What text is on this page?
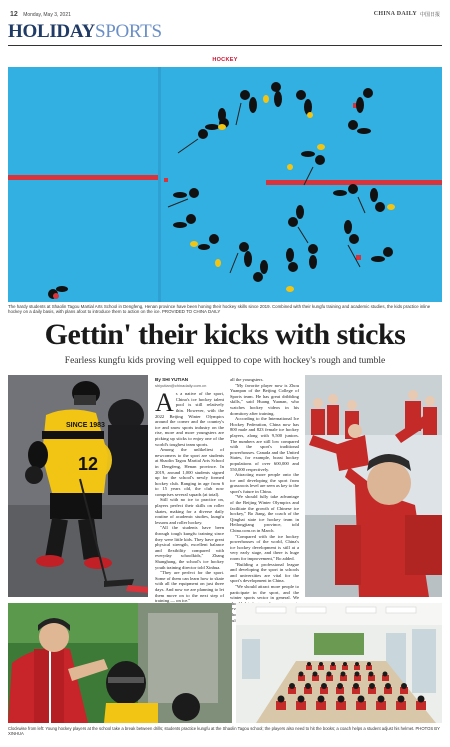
12 Monday, May 3, 2021	CHINA DAILY 中国日报
HOLIDAYSPORTS
HOCKEY
The hardy students at Shaolin Tagou Martial Arts School in Dengfeng, Henan province have been honing their hockey skills since 2019. Combined with their kungfu training and academic studies, the kids practice inline hockey on a daily basis, with plans afoot to introduce them to action on the ice. PROVIDED TO CHINA DAILY
Gettin' their kicks with sticks
Fearless kungfu kids proving well equipped to cope with hockey's rough and tumble
SINCE 1983
12
By SHI YUTIAN
shiyutian@chinadaily.com.cn

As a native of the sport, China's ice hockey talent pool is still relatively thin. However, with the 2022 Beijing Winter Olympics around the corner and the country's ice and snow sports industry on the rise, more and more youngsters are picking up sticks to enjoy one of the world's toughest team sports.

Among the unlikeliest of newcomers to the sport are students at Shaolin Tagou Martial Arts School in Dengfeng, Henan province. In 2019, around 1,000 students signed up for the school's newly formed hockey club. Ranging in age from 6 to 15 years old, the club now comprises several squads (at total).

Still with no ice to practice on, players perfect their skills on roller skates, making for a diverse daily routine of academic studies, kungfu lessons and roller hockey.

"All the students have been through tough kungfu training since they were little kids. They have great physical strength, excellent balance and flexibility compared with everyday schoolkids," Zhang Shanghang, the school's ice hockey youth training director told Xinhua.

"They are perfect for the sport. Some of them can learn how to skate with all the equipment on just three days. And now we are planning to let them move on to the next step of training — on ice."

all the youngsters.

"My favorite player now is Zhou Yuanpan of the Beijing College of Sports team. He has great dribbling skills," said Huang Yuanan, who watches hockey videos in his dormitory after training.

According to the International Ice Hockey Federation, China now has 800 male and 823 female ice hockey players, along with 9,500 juniors. The numbers are still low compared with the sport's traditional powerhouses. Canada and the United States, for example, boast hockey populations of over 600,000 and 550,000 respectively.

Attracting more people onto the ice and developing the sport from grassroots level are seen as key to the sport's future in China.

"We should fully take advantage of the Beijing Winter Olympics and facilitate the growth of Chinese ice hockey," Bo Jiang, the coach of the Qinghai state ice hockey team in Heilongjiang province, told China.com.cn in March.

"Compared with the ice hockey powerhouses of the world, China's ice hockey development is still at a very early stage, and there is huge room for improvement," Bo added.

"Building a professional league and developing the sport in schools and universities are vital for the sport's development in China.

"We should attract more people to participate in the sport, and the winter sports sector in general. We level

Clockwise from left: Young hockey players at the school take a break between drills; students practice kungfu at the Shaolin Tagou school; the players also need to hit the books; a coach helps a student adjust his helmet. PHOTOS BY XINHUA
